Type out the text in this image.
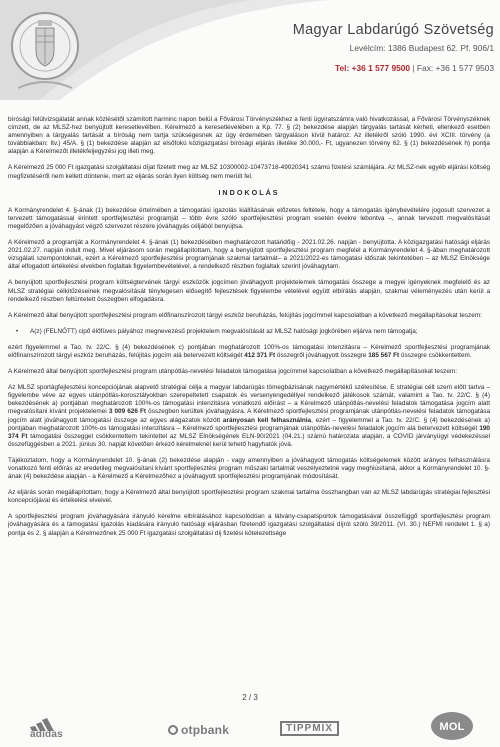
Magyar Labdarúgó Szövetség
Levélcím: 1386 Budapest 62. Pf. 906/1
Tel: +36 1 577 9500 | Fax: +36 1 577 9503

bírósági felülvizsgálatát annak közlésétől számított harminc napon belül a Fővárosi Törvényszékhez a fenti ügyiratszámra való hivatkozással, a Fővárosi Törvényszéknek címzett, de az MLSZ-hez benyújtott keresetlevélben. Kérelmező a keresetlevelében a Kp. 77. § (2) bekezdése alapján tárgyalás tartását kérheti, ellenkező esetben amennyiben a tárgyalás tartását a bíróság nem tartja szükségesnek az ügy érdemében tárgyaláson kívül határoz. Az illetékről szóló 1990. évi XCIII. törvény (a továbbiakban: Itv.) 45/A. § (1) bekezdése alapján az elsőfokú közigazgatási bírósági eljárás illetéke 30.000,- Ft, ugyanezen törvény 62. § (1) bekezdésének h) pontja alapján a Kérelmezőt illetékfeljegyzési jog illeti meg.

A Kérelmező 25 000 Ft igazgatási szolgáltatási díjat fizetett meg az MLSZ 10300002-10473718-49020341 számú fizetési számlájára. Az MLSZ-nek egyéb eljárási költség megfizetéséről nem kellett döntenie, mert az eljárás során ilyen költség nem merült fel.

INDOKOLÁS

A Kormányrendelet 4. §-ának (1) bekezdése értelmében a támogatási igazolás kiállításának előzetes feltétele, hogy a támogatás igénybevételére jogosult szervezet a tervezett támogatással érintett sportfejlesztési programját – több évre szóló sportfejlesztési program esetén évekre lebontva –, annak tervezett megvalósítását megelőzően a jóváhagyást végző szervezet részére jóváhagyás céljából benyújtsa.

A Kérelmező a programját a Kormányrendelet 4. §-ának (1) bekezdésében meghatározott határidőig - 2021.02.26. napján - benyújtotta. A közigazgatási hatósági eljárás 2021.02.27. napján indult meg. Mivel eljárásom során megállapítottam, hogy a benyújtott sportfejlesztési program megfelel a Kormányrendelet 4. §-ában meghatározott vizsgálati szempontoknak, ezért a Kérelmező sportfejlesztési programjának szakmai tartalmát– a 2021/2022-es támogatási időszak tekintetében – az MLSZ Elnöksége által elfogadott értékelési elvekben foglaltak figyelembevételével, a rendelkező részben foglaltak szerint jóváhagytam.

A benyújtott sportfejlesztési program költségtervének tárgyi eszközök jogcímen jóváhagyott projektelemek támogatási összege a megyei igényeknek megfelelő és az MLSZ stratégiai célkitűzéseinek megvalósítását ténylegesen elősegítő fejlesztések figyelembe vételével együtt elbírálás alapján, szakmai véleményezés után kerül a rendelkező részben feltüntetett összegben elfogadásra.

A Kérelmező által benyújtott sportfejlesztési program előfinanszírozott tárgyi eszköz beruházás, felújítás jogcímmel kapcsolatban a következő megállapításokat teszem:

• A(z) (FELNŐTT) cipő élőfüves pályához megnevezésű projektelem megvalósítását az MLSZ hatósági jogkörében eljárva nem támogatja;

ezért figyelemmel a Tao. tv. 22/C. § (4) bekezdésének c) pontjában meghatározott 100%-os támogatási intenzitásra – Kérelmező sportfejlesztési programjának előfinanszírozott tárgyi eszköz beruházás, felújítás jogcím alá betervezett költségét 412 371 Ft összegről jóváhagyott összegre 185 567 Ft összegre csökkentettem.

A Kérelmező által benyújtott sportfejlesztési program utánpótlás-nevelési feladatok támogatása jogcímmel kapcsolatban a következő megállapításokat teszem:

Az MLSZ sportágfejlesztési koncepciójának alapvető stratégiai célja a magyar labdarúgás tömegbázisának nagymértékű szélesítése. E stratégiai célt szem előtt tartva – figyelembe véve az egyes utánpótlás-korosztályokban szerepeltetett csapatok és versenyengedéllyel rendelkező játékosok számát, valamint a Tao. tv. 22/C. § (4) bekezdésének a) pontjában meghatározott 100%-os támogatási intenzitásra vonatkozó előírást – a Kérelmező utánpótlás-nevelési feladatok támogatása jogcím alatt megvalósítani kívánt projektelemei 3 009 626 Ft összegben kerültek jóváhagyásra. A Kérelmező sportfejlesztési programjának utánpótlás-nevelési feladatok támogatása jogcím alatt jóváhagyott támogatási összege az egyes alágazatok között arányosan kell felhasználnia, ezért – figyelemmel a Tao. tv. 22/C. § (4) bekezdésének a) pontjában meghatározott 100%-os támogatási intenzitásra – Kérelmező sportfejlesztési programjának utánpótlás-nevelési feladatok jogcím alá betervezett költségét 190 374 Ft támogatási összeggel csökkentettem tekintettel az MLSZ Elnökségének ELN-90/2021 (04.21.) számú határozata alapján, a COVID járványügyi védekezéssel összefüggésben a 2021. június 30. napját követően érkező kérelmeknél kerül tehető hagyhatók jóvá.

Tájékoztatom, hogy a Kormányrendelet 10. §-ának (2) bekezdése alapján - vagy amennyiben a jóváhagyott támogatás költségelemek között arányos felhasználásra vonatkozó fenti előírás az eredetileg megvalósítani kívánt sportfejlesztési program műszaki tartalmát veszélyeztetné vagy meghiúsítaná, akkor a Kormányrendelet 10. §-ának (4) bekezdése alapján - a Kérelmező a Kérelmezőhez a jóváhagyott sportfejlesztési programjának módosítását.

Az eljárás során megállapítottam, hogy a Kérelmező által benyújtott sportfejlesztési program szakmai tartalma összhangban van az MLSZ labdarúgás stratégiai fejlesztési koncepciójával és értékelési elveivel.

A sportfejlesztési program jóváhagyására irányuló kérelme elbírálásához kapcsolódóan a látvány-csapatsportok támogatásával összefüggő sportfejlesztési program jóváhagyására és a támogatási igazolás kiadására irányuló hatósági eljárásban fizetendő igazgatási szolgáltatási díjról szóló 39/2011. (VI. 30.) NEFMI rendelet 1. § a) pontja és 2. § alapján a Kérelmezőnek 25 000 Ft igazgatási szolgáltatási díj fizetési kötelezettsége

2 / 3
adidas	otpbank	TIPPMIX	MOL
